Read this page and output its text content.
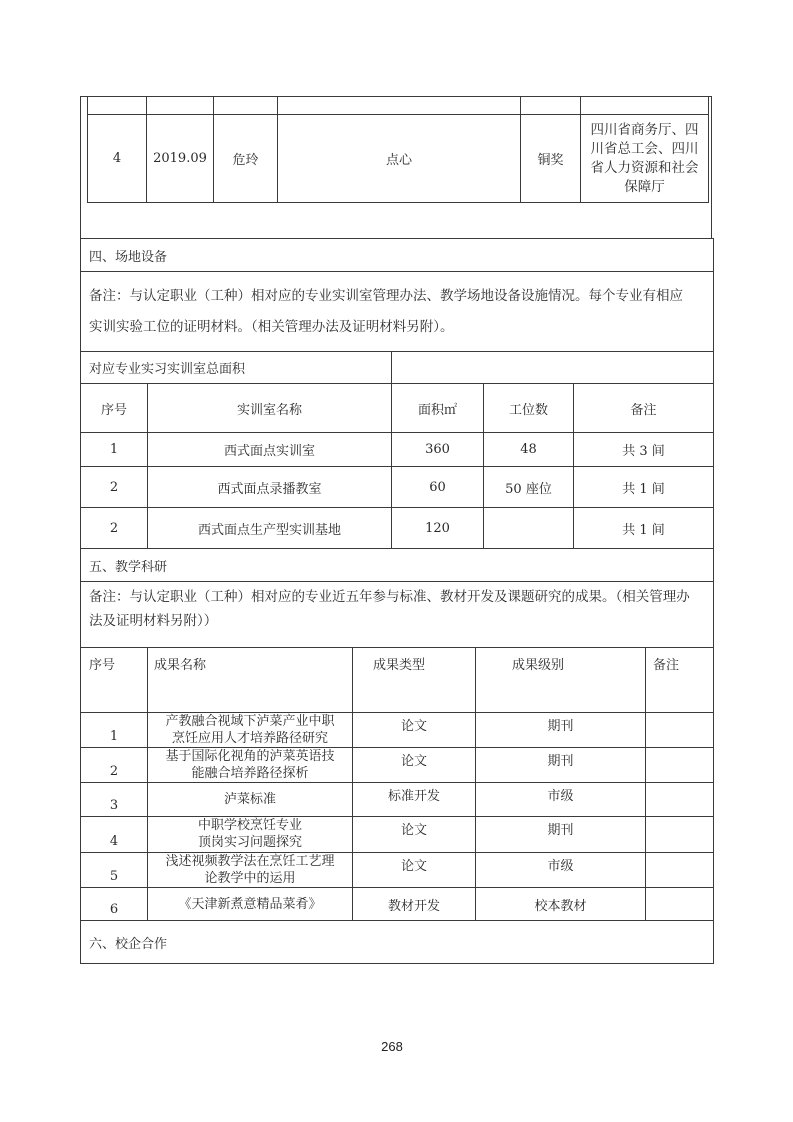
4	2019.09	危玲	点心	铜奖	四川省商务厅、四川省总工会、四川省人力资源和社会保障厅
四、场地设备				

备注：与认定职业（工种）相对应的专业实训室管理办法、教学场地设备设施情况。每个专业有相应
实训实验工位的证明材料。（相关管理办法及证明材料另附）。				

对应专业实习实训室总面积				
序号	实训室名称	面积㎡	工位数	备注
1	西式面点实训室	360	48	共 3 间
2	西式面点录播教室	60	50 座位	共 1 间
2	西式面点生产型实训基地	120		共 1 间
五、教学科研				

备注：与认定职业（工种）相对应的专业近五年参与标准、教材开发及课题研究的成果。（相关管理办
法及证明材料另附））				

序号	成果名称	成果类型	成果级别	备注
1	产教融合视域下泸菜产业中职
烹饪应用人才培养路径研究	论文	期刊	
2	基于国际化视角的泸菜英语技
能融合培养路径探析	论文	期刊	
3	泸菜标准	标准开发	市级	
4	中职学校烹饪专业
顶岗实习问题探究	论文	期刊	
5	浅述视频教学法在烹饪工艺理
论教学中的运用	论文	市级	
6	《天津新煮意精品菜肴》	教材开发	校本教材	
六、校企合作				
268
